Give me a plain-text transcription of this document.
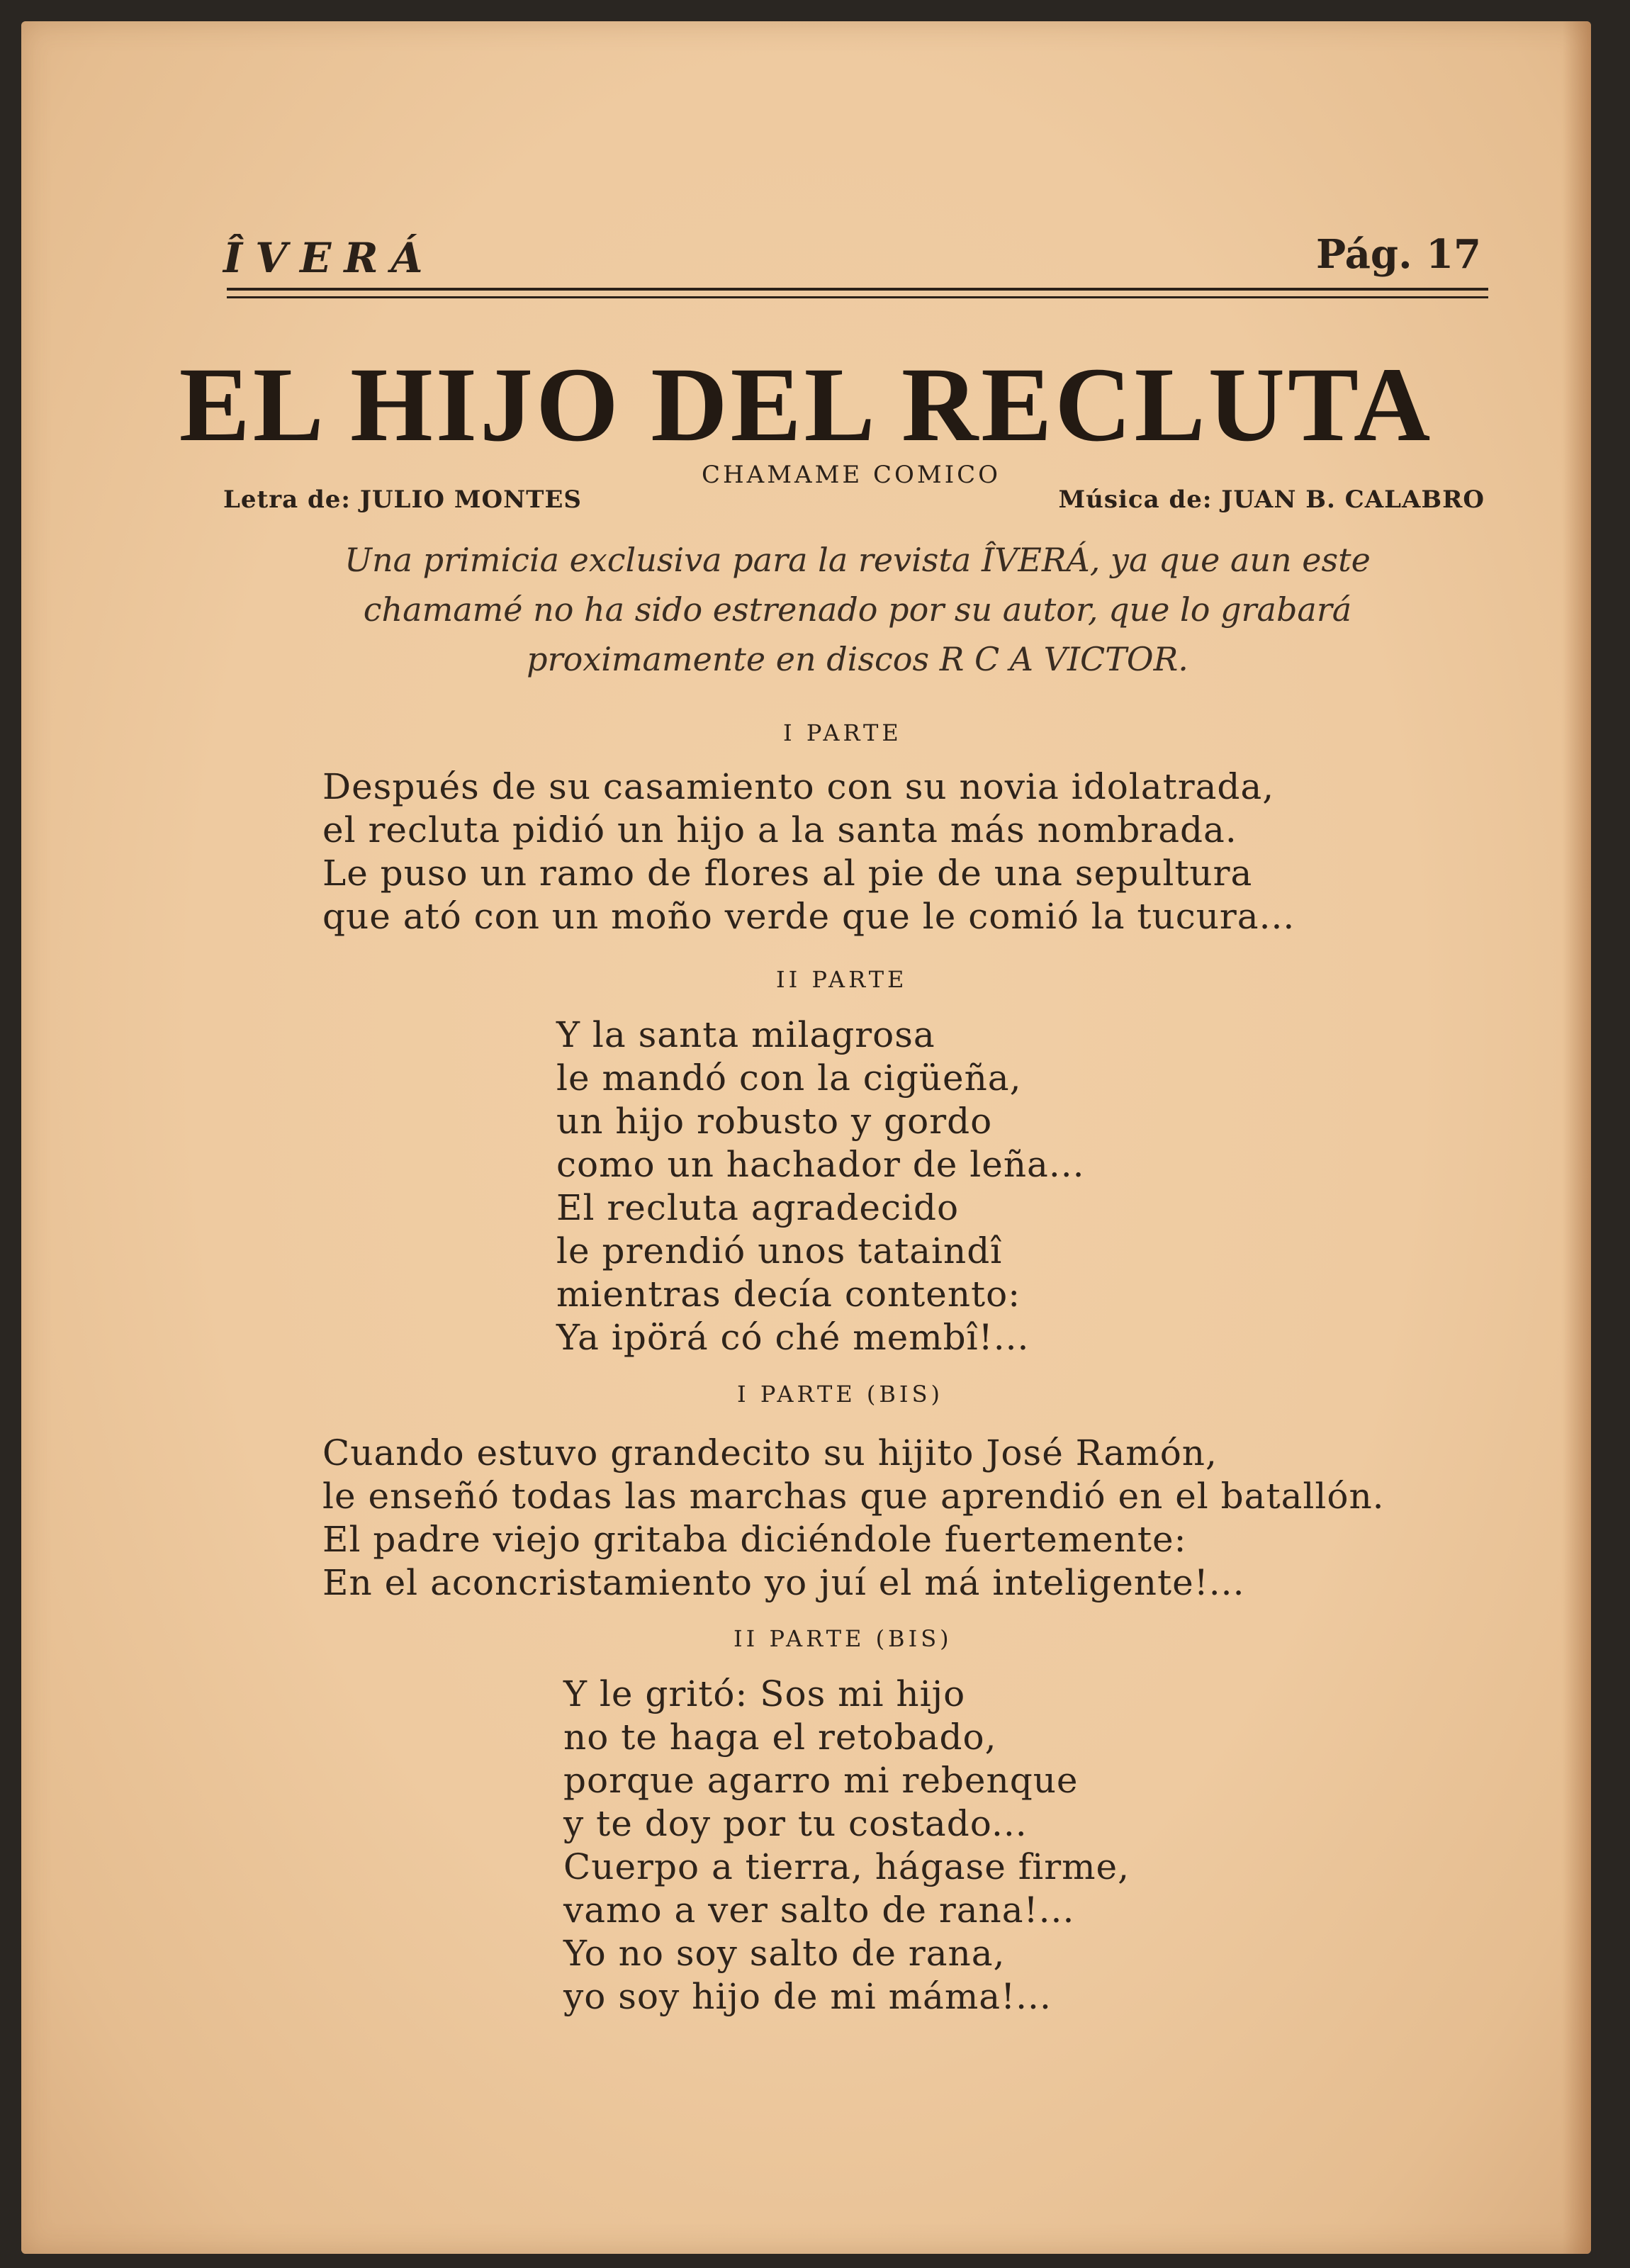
ÎVERÁ	Pág. 17
EL HIJO DEL RECLUTA
CHAMAME COMICO
Letra de: JULIO MONTES	Música de: JUAN B. CALABRO
Una primicia exclusiva para la revista ÎVERÁ, ya que aun este
chamamé no ha sido estrenado por su autor, que lo grabará
proximamente en discos R C A VICTOR.
I PARTE
Después de su casamiento con su novia idolatrada,
el recluta pidió un hijo a la santa más nombrada.
Le puso un ramo de flores al pie de una sepultura
que ató con un moño verde que le comió la tucura...
II PARTE
Y la santa milagrosa
le mandó con la cigüeña,
un hijo robusto y gordo
como un hachador de leña...
El recluta agradecido
le prendió unos tataindî
mientras decía contento:
Ya ipörá có ché membî!...
I PARTE (BIS)
Cuando estuvo grandecito su hijito José Ramón,
le enseñó todas las marchas que aprendió en el batallón.
El padre viejo gritaba diciéndole fuertemente:
En el aconcristamiento yo juí el má inteligente!...
II PARTE (BIS)
Y le gritó: Sos mi hijo
no te haga el retobado,
porque agarro mi rebenque
y te doy por tu costado...
Cuerpo a tierra, hágase firme,
vamo a ver salto de rana!...
Yo no soy salto de rana,
yo soy hijo de mi máma!...
